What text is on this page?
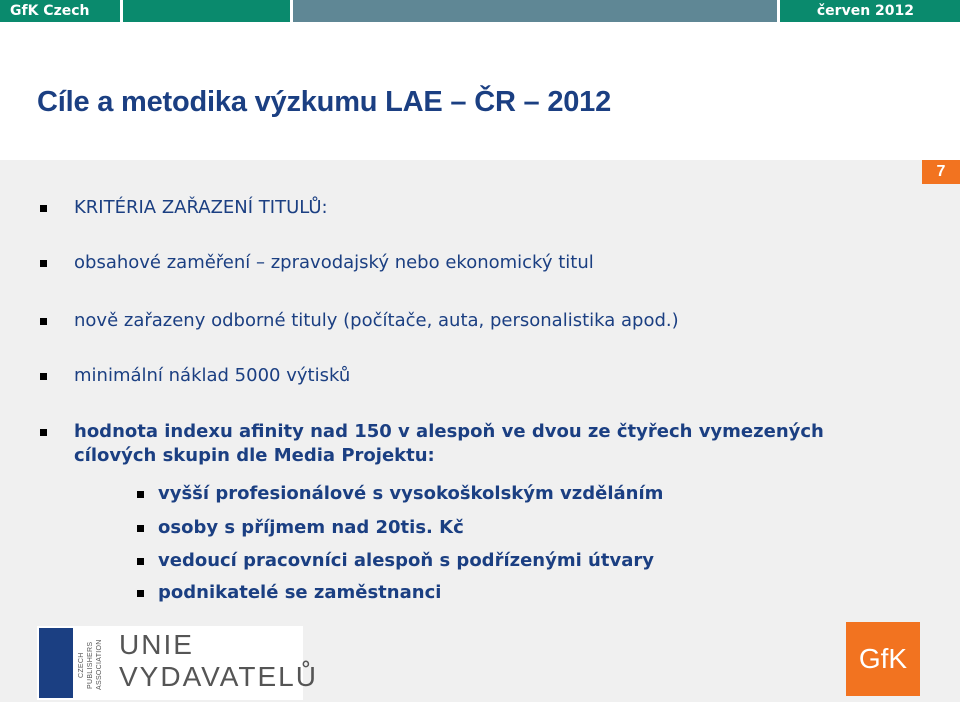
GfK Czech	červen 2012
Cíle a metodika výzkumu LAE – ČR – 2012
7
KRITÉRIA ZAŘAZENÍ TITULŮ:
obsahové zaměření – zpravodajský nebo ekonomický titul
nově zařazeny odborné tituly (počítače, auta, personalistika apod.)
minimální náklad 5000 výtisků
hodnota indexu afinity nad 150 v alespoň ve dvou ze čtyřech vymezených cílových skupin dle Media Projektu:
vyšší profesionálové s vysokoškolským vzděláním
osoby s příjmem nad 20tis. Kč
vedoucí pracovníci alespoň s podřízenými útvary
podnikatelé se zaměstnanci
CZECH PUBLISHERS ASSOCIATION UNIE
VYDAVATELŮ
GfK
